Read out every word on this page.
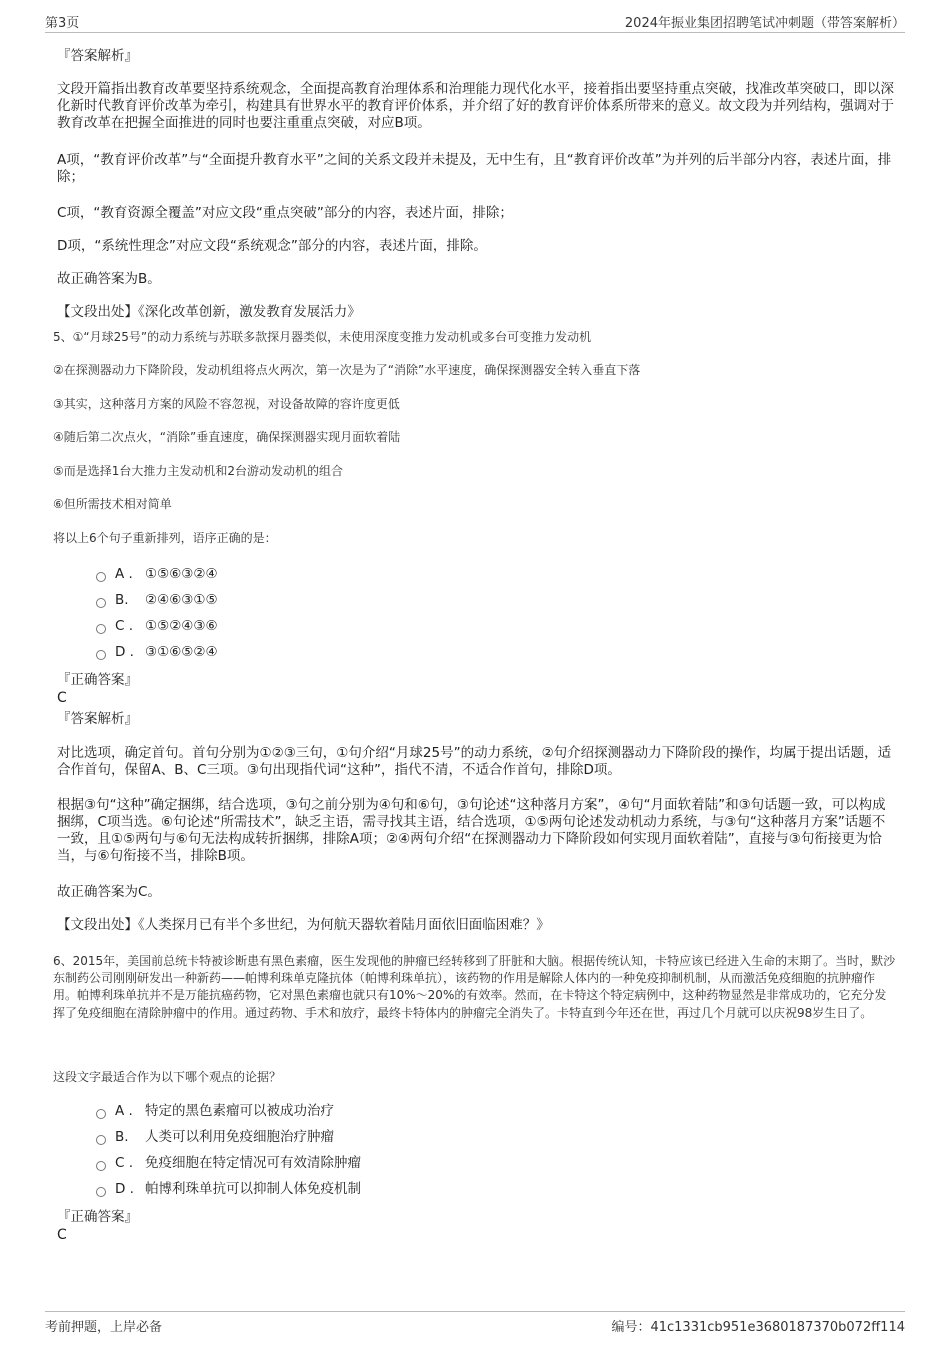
第3页	2024年振业集团招聘笔试冲刺题（带答案解析）
『答案解析』
文段开篇指出教育改革要坚持系统观念，全面提高教育治理体系和治理能力现代化水平，接着指出要坚持重点突破，找准改革突破口，即以深化新时代教育评价改革为牵引，构建具有世界水平的教育评价体系，并介绍了好的教育评价体系所带来的意义。故文段为并列结构，强调对于教育改革在把握全面推进的同时也要注重重点突破，对应B项。
A项，“教育评价改革”与“全面提升教育水平”之间的关系文段并未提及，无中生有，且“教育评价改革”为并列的后半部分内容，表述片面，排除；
C项，“教育资源全覆盖”对应文段“重点突破”部分的内容，表述片面，排除；
D项，“系统性理念”对应文段“系统观念”部分的内容，表述片面，排除。
故正确答案为B。
【文段出处】《深化改革创新，激发教育发展活力》
5、①“月球25号”的动力系统与苏联多款探月器类似，未使用深度变推力发动机或多台可变推力发动机
②在探测器动力下降阶段，发动机组将点火两次，第一次是为了“消除”水平速度，确保探测器安全转入垂直下落
③其实，这种落月方案的风险不容忽视，对设备故障的容许度更低
④随后第二次点火，“消除”垂直速度，确保探测器实现月面软着陆
⑤而是选择1台大推力主发动机和2台游动发动机的组合
⑥但所需技术相对简单
将以上6个句子重新排列，语序正确的是：
A . ①⑤⑥③②④
B.	②④⑥③①⑤
C . ①⑤②④③⑥
D . ③①⑥⑤②④
『正确答案』
C
『答案解析』
对比选项，确定首句。首句分别为①②③三句，①句介绍“月球25号”的动力系统，②句介绍探测器动力下降阶段的操作，均属于提出话题，适合作首句，保留A、B、C三项。③句出现指代词“这种”，指代不清，不适合作首句，排除D项。
根据③句“这种”确定捆绑，结合选项，③句之前分别为④句和⑥句，③句论述“这种落月方案”，④句“月面软着陆”和③句话题一致，可以构成捆绑，C项当选。⑥句论述“所需技术”，缺乏主语，需寻找其主语，结合选项，①⑤两句论述发动机动力系统，与③句“这种落月方案”话题不一致，且①⑤两句与⑥句无法构成转折捆绑，排除A项；②④两句介绍“在探测器动力下降阶段如何实现月面软着陆”，直接与③句衔接更为恰当，与⑥句衔接不当，排除B项。
故正确答案为C。
【文段出处】《人类探月已有半个多世纪，为何航天器软着陆月面依旧面临困难？》
6、2015年，美国前总统卡特被诊断患有黑色素瘤，医生发现他的肿瘤已经转移到了肝脏和大脑。根据传统认知，卡特应该已经进入生命的末期了。当时，默沙东制药公司刚刚研发出一种新药——帕博利珠单克隆抗体（帕博利珠单抗），该药物的作用是解除人体内的一种免疫抑制机制，从而激活免疫细胞的抗肿瘤作用。帕博利珠单抗并不是万能抗癌药物，它对黑色素瘤也就只有10%～20%的有效率。然而，在卡特这个特定病例中，这种药物显然是非常成功的，它充分发挥了免疫细胞在清除肿瘤中的作用。通过药物、手术和放疗，最终卡特体内的肿瘤完全消失了。卡特直到今年还在世，再过几个月就可以庆祝98岁生日了。
这段文字最适合作为以下哪个观点的论据？
A . 特定的黑色素瘤可以被成功治疗
B.	人类可以利用免疫细胞治疗肿瘤
C . 免疫细胞在特定情况可有效清除肿瘤
D . 帕博利珠单抗可以抑制人体免疫机制
『正确答案』
C
考前押题，上岸必备	编号：41c1331cb951e3680187370b072ff114
